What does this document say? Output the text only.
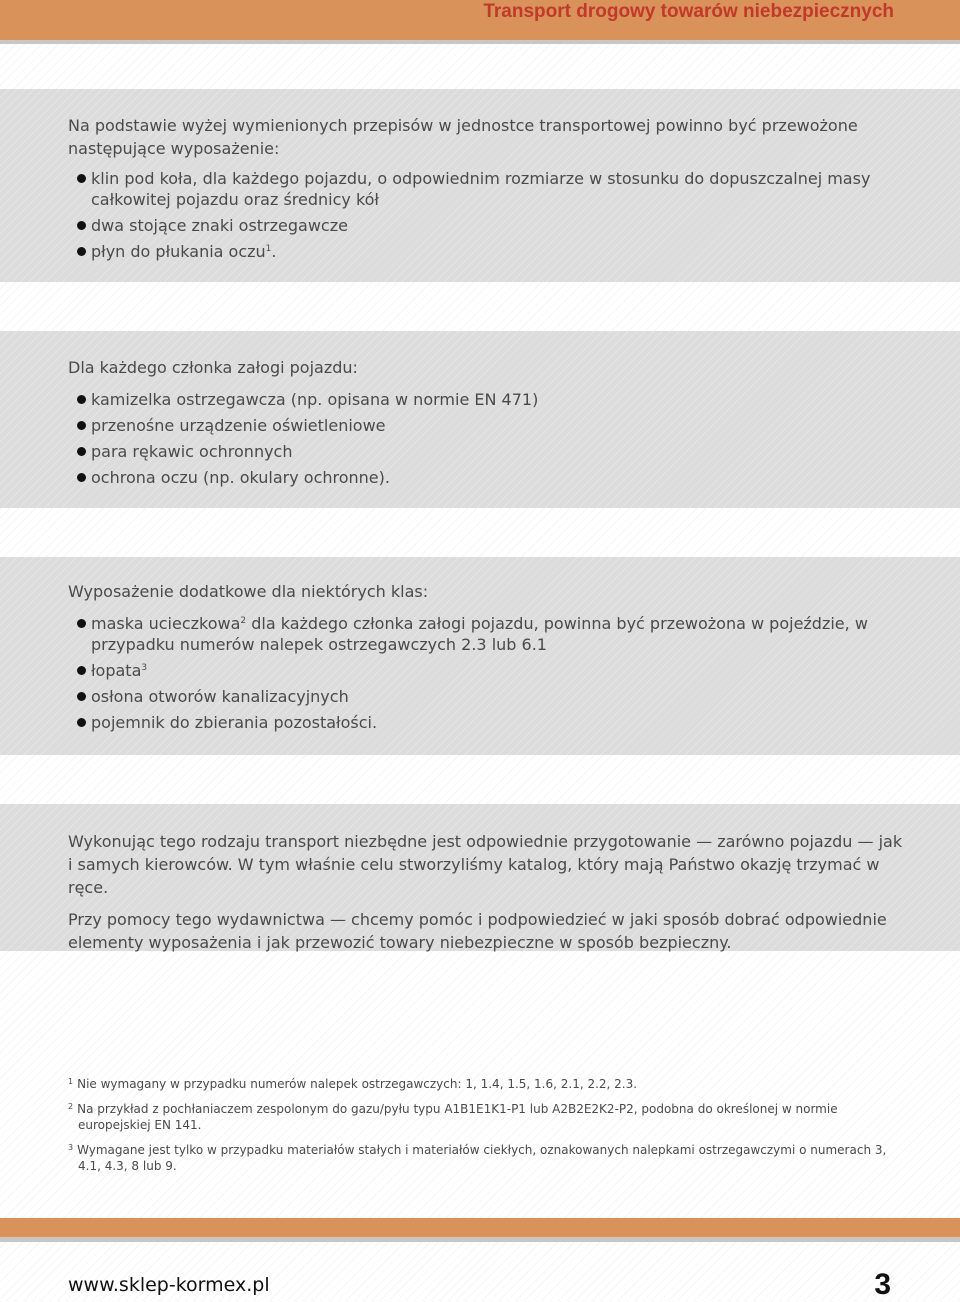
Transport drogowy towarów niebezpiecznych

Na podstawie wyżej wymienionych przepisów w jednostce transportowej powinno być przewożone następujące wyposażenie:

klin pod koła, dla każdego pojazdu, o odpowiednim rozmiarze w stosunku do dopuszczalnej masy całkowitej pojazdu oraz średnicy kół
dwa stojące znaki ostrzegawcze
płyn do płukania oczu$^1$.

Dla każdego członka załogi pojazdu:

kamizelka ostrzegawcza (np. opisana w normie EN 471)
przenośne urządzenie oświetleniowe
para rękawic ochronnych
ochrona oczu (np. okulary ochronne).

Wyposażenie dodatkowe dla niektórych klas:

maska ucieczkowa$^2$ dla każdego członka załogi pojazdu, powinna być przewożona w pojeździe, w przypadku numerów nalepek ostrzegawczych 2.3 lub 6.1
łopata$^3$
osłona otworów kanalizacyjnych
pojemnik do zbierania pozostałości.

Wykonując tego rodzaju transport niezbędne jest odpowiednie przygotowanie — zarówno pojazdu — jak i samych kierowców. W tym właśnie celu stworzyliśmy katalog, który mają Państwo okazję trzymać w ręce.

Przy pomocy tego wydawnictwa — chcemy pomóc i podpowiedzieć w jaki sposób dobrać odpowiednie elementy wyposażenia i jak przewozić towary niebezpieczne w sposób bezpieczny.

$^1$ Nie wymagany w przypadku numerów nalepek ostrzegawczych: 1, 1.4, 1.5, 1.6, 2.1, 2.2, 2.3.
$^2$ Na przykład z pochłaniaczem zespolonym do gazu/pyłu typu A1B1E1K1-P1 lub A2B2E2K2-P2, podobna do określonej w normie europejskiej EN 141.
$^3$ Wymagane jest tylko w przypadku materiałów stałych i materiałów ciekłych, oznakowanych nalepkami ostrzegawczymi o numerach 3, 4.1, 4.3, 8 lub 9.
www.sklep-kormex.pl	3
